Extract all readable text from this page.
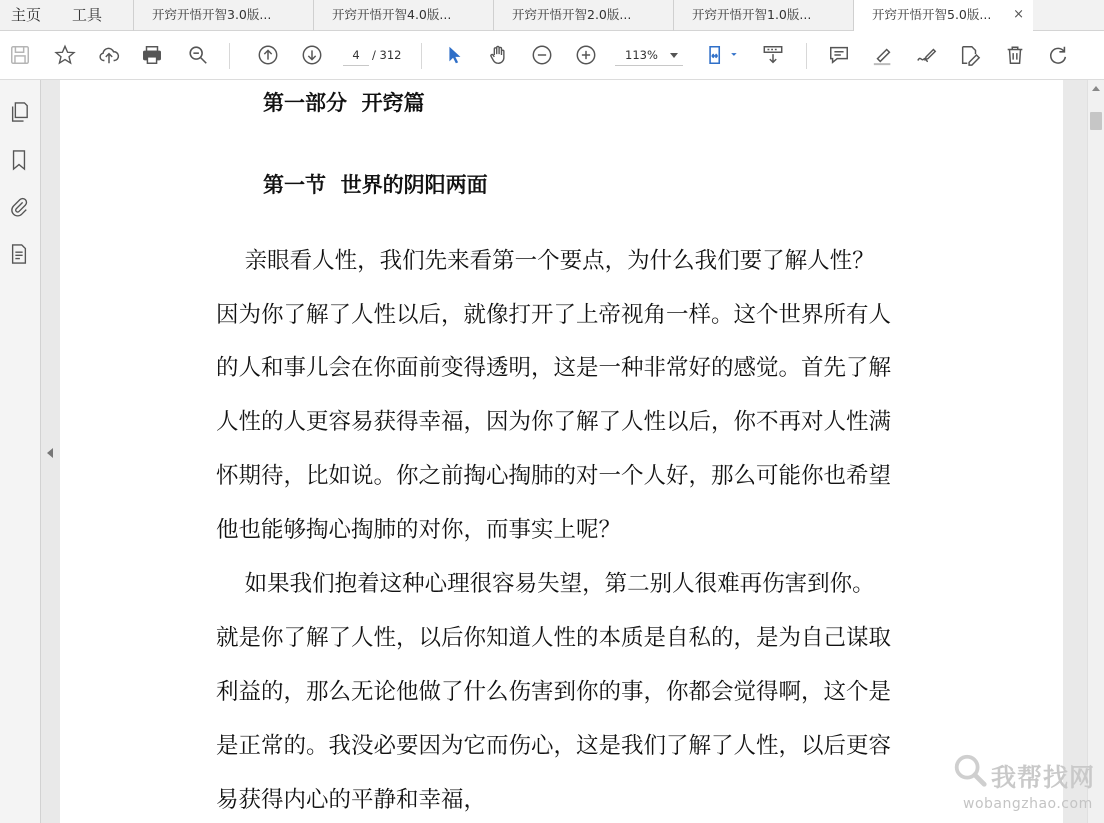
主页 工具	开窍开悟开智3.0版...	开窍开悟开智4.0版...	开窍开悟开智2.0版...	开窍开悟开智1.0版...	开窍开悟开智5.0版... ×
4	/ 312	113%
第一部分  开窍篇
第一节  世界的阴阳两面
亲眼看人性，我们先来看第一个要点，为什么我们要了解人性？
因为你了解了人性以后，就像打开了上帝视角一样。这个世界所有人
的人和事儿会在你面前变得透明，这是一种非常好的感觉。首先了解
人性的人更容易获得幸福，因为你了解了人性以后，你不再对人性满
怀期待，比如说。你之前掏心掏肺的对一个人好，那么可能你也希望
他也能够掏心掏肺的对你，而事实上呢？
如果我们抱着这种心理很容易失望，第二别人很难再伤害到你。
就是你了解了人性，以后你知道人性的本质是自私的，是为自己谋取
利益的，那么无论他做了什么伤害到你的事，你都会觉得啊，这个是
是正常的。我没必要因为它而伤心，这是我们了解了人性，以后更容
易获得内心的平静和幸福，
我帮找网
wobangzhao.com
